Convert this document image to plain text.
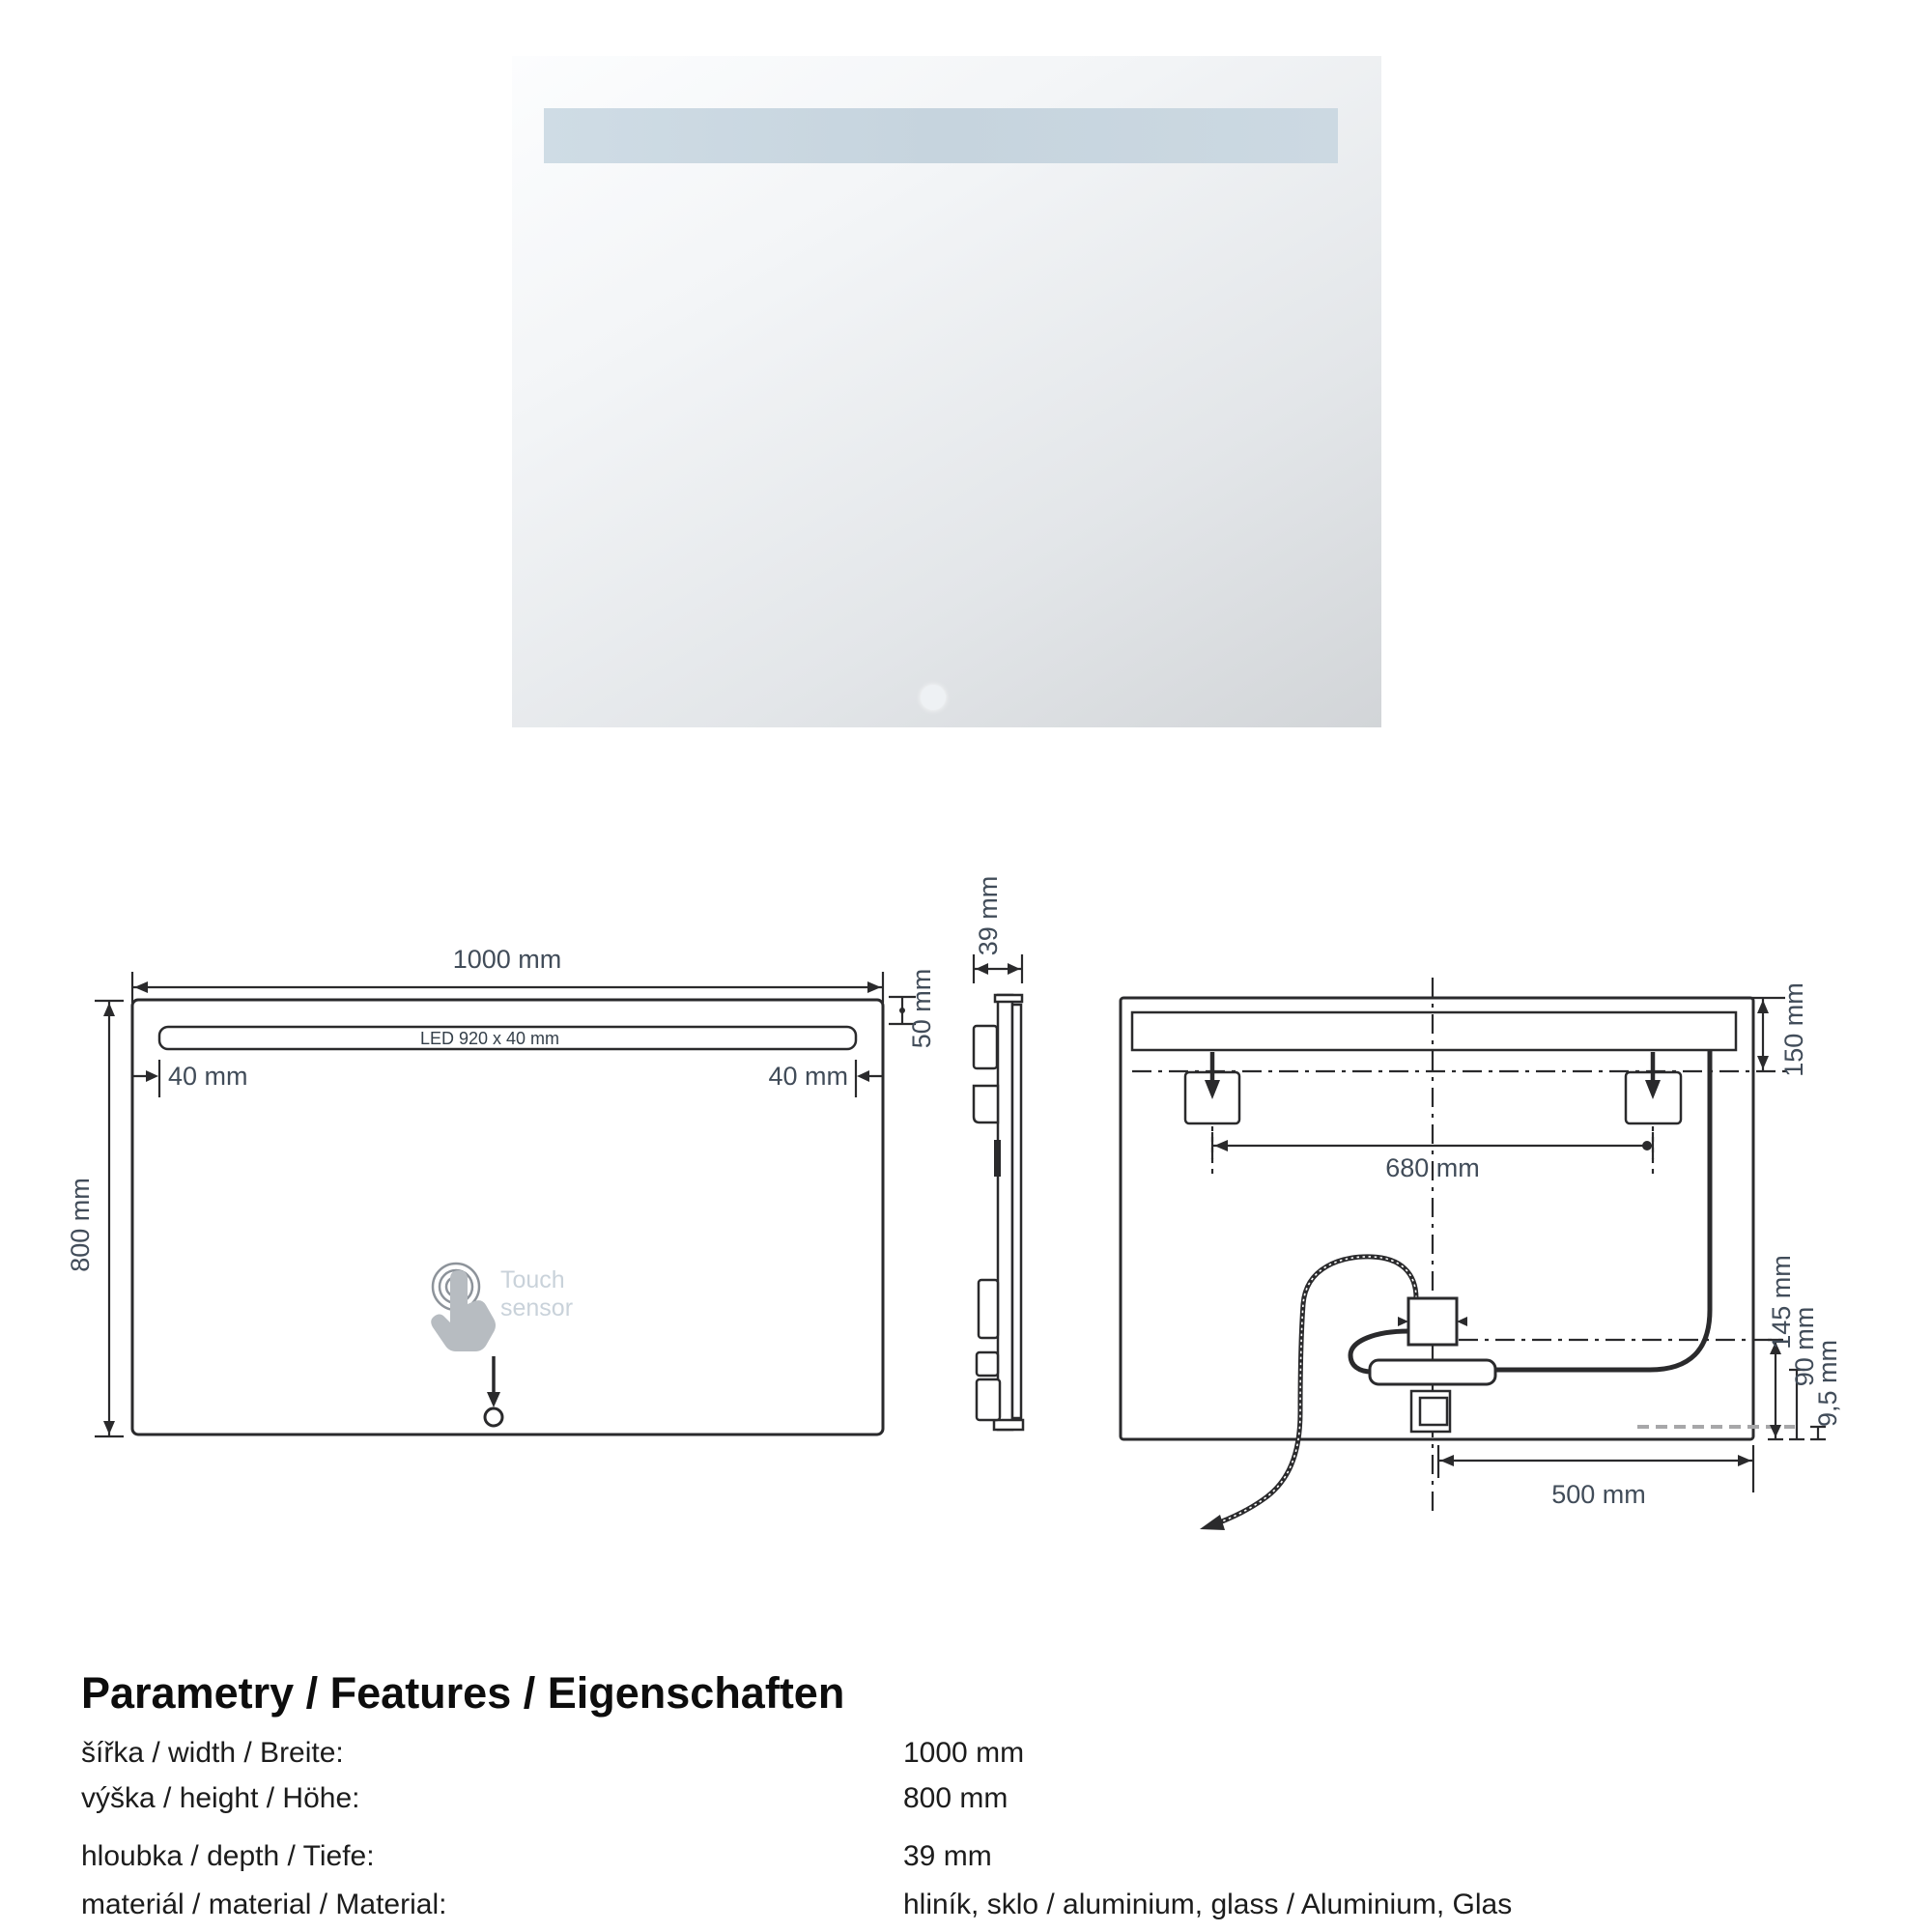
1000 mm
LED 920 x 40 mm
40 mm	40 mm
800 mm
50 mm
Touch
sensor
39 mm
680 mm
500 mm
150 mm
145 mm
90 mm
9,5 mm
Parametry / Features / Eigenschaften
šířka / width / Breite:	1000 mm
výška / height / Höhe:	800 mm
hloubka / depth / Tiefe:	39 mm
materiál / material / Material:	hliník, sklo / aluminium, glass / Aluminium, Glas
